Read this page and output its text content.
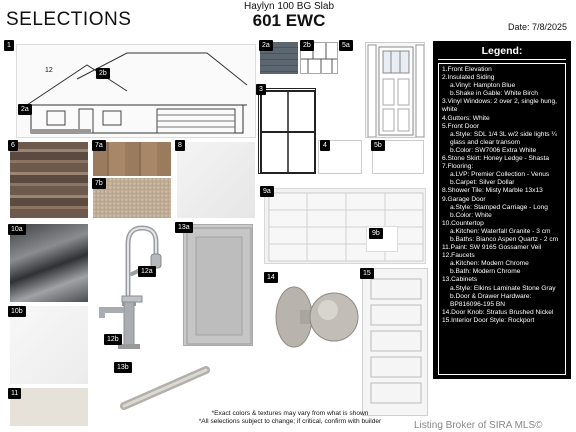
SELECTIONS
Haylyn 100 BG Slab
601 EWC	Date: 7/8/2025
12
1
2b
2a
2a	2b	5a
3
4	5b
6	7a
7b
8
9a
9b
10a
12a
13a
14
15
10b
12b
13b
11
Legend:
1.Front Elevation
2.Insulated Siding
a.Vinyl: Hampton Blue
b.Shake in Gable: White Birch
3.Vinyl Windows: 2 over 2, single hung, white
4.Gutters: White
5.Front Door
a.Style: SDL 1/4 3L w/2 side lights ¼ glass and clear transom
b.Color: SW7006 Extra White
6.Stone Skirt: Honey Ledge - Shasta
7.Flooring:
a.LVP: Premier Collection - Venus
b.Carpet: Silver Dollar
8.Shower Tile: Misty Marble 13x13
9.Garage Door
a.Style: Stamped Carriage - Long
b.Color: White
10.Countertop
a.Kitchen: Waterfall Granite - 3 cm
b.Baths: Bianco Aspen Quartz - 2 cm
11.Paint: SW 9165 Gossamer Veil
12.Faucets
a.Kitchen: Modern Chrome
b.Bath: Modern Chrome
13.Cabinets
a.Style: Elkins Laminate Stone Gray
b.Door & Drawer Hardware: BP816096-195 BN
14.Door Knob: Stratus Brushed Nickel
15.Interior Door Style: Rockport
*Exact colors & textures may vary from what is shown
*All selections subject to change; if critical, confirm with builder	Listing Broker of SIRA MLS©
